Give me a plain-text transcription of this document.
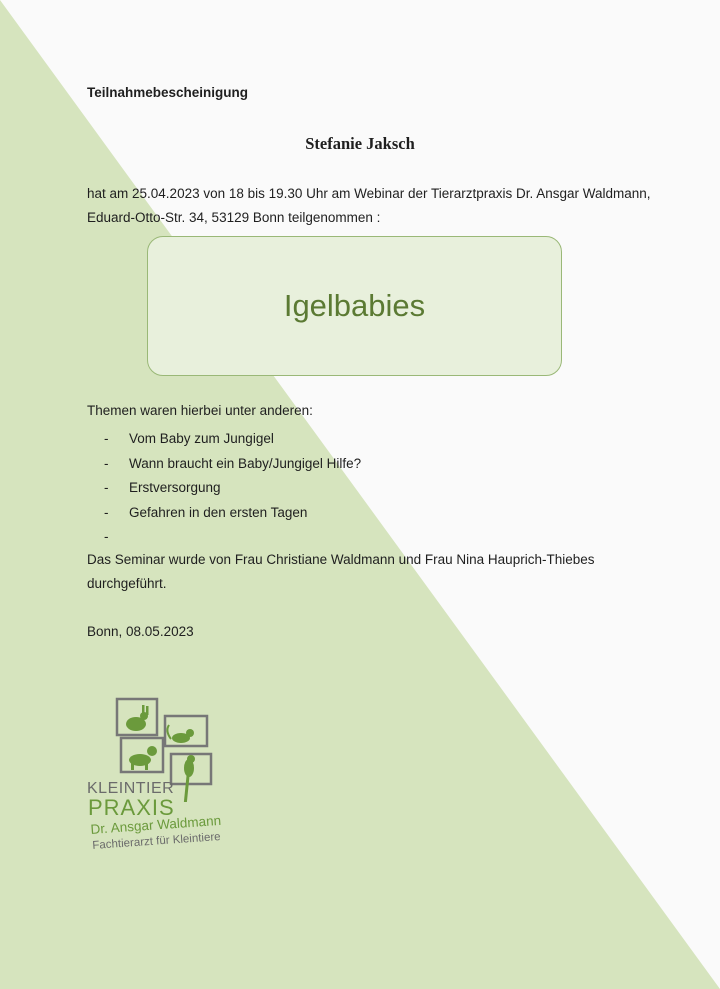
Teilnahmebescheinigung
Stefanie Jaksch
hat am 25.04.2023 von 18 bis 19.30 Uhr am Webinar der Tierarztpraxis Dr. Ansgar Waldmann, Eduard-Otto-Str. 34, 53129 Bonn teilgenommen :
Igelbabies
Themen waren hierbei unter anderen:
- Vom Baby zum Jungigel
- Wann braucht ein Baby/Jungigel Hilfe?
- Erstversorgung
- Gefahren in den ersten Tagen
-
Das Seminar wurde von Frau Christiane Waldmann und Frau Nina Hauprich-Thiebes durchgeführt.
Bonn, 08.05.2023
KLEINTIER
PRAXIS
Dr. Ansgar Waldmann
Fachtierarzt für Kleintiere
